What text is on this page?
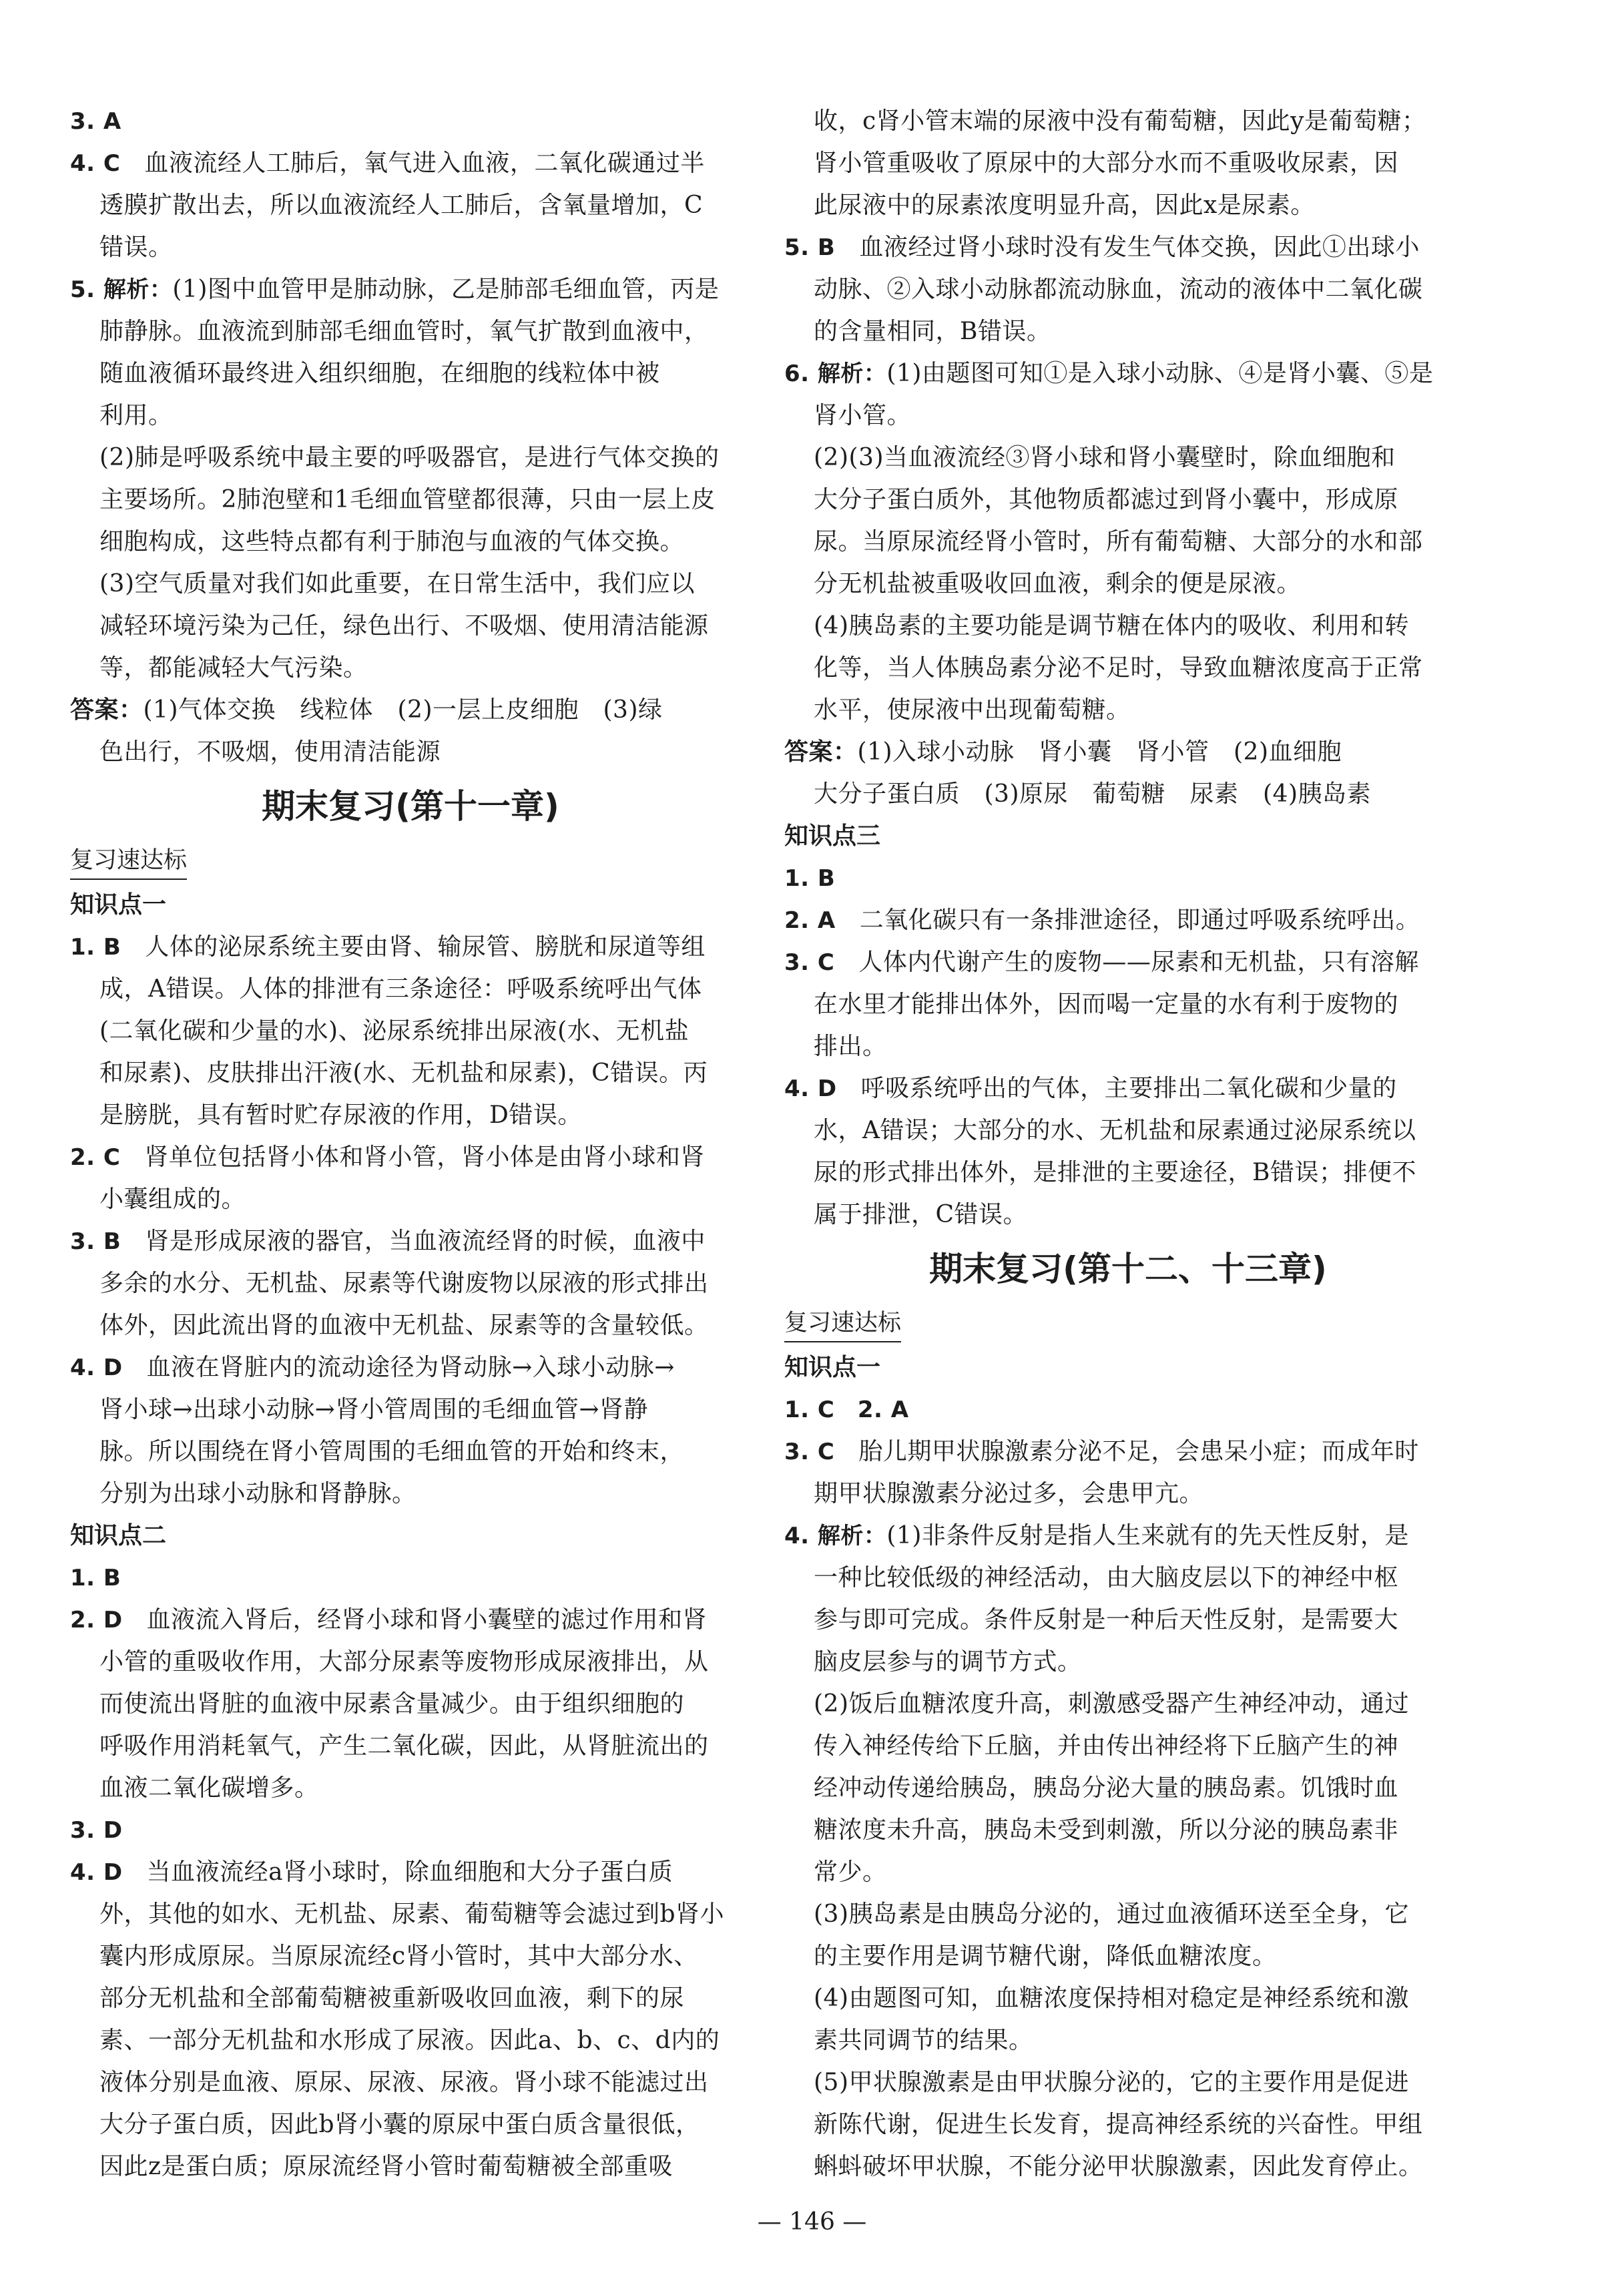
3. A
4. C 血液流经人工肺后，氧气进入血液，二氧化碳通过半
透膜扩散出去，所以血液流经人工肺后，含氧量增加，C
错误。
5. 解析：(1)图中血管甲是肺动脉，乙是肺部毛细血管，丙是
肺静脉。血液流到肺部毛细血管时，氧气扩散到血液中，
随血液循环最终进入组织细胞，在细胞的线粒体中被
利用。
(2)肺是呼吸系统中最主要的呼吸器官，是进行气体交换的
主要场所。2肺泡壁和1毛细血管壁都很薄，只由一层上皮
细胞构成，这些特点都有利于肺泡与血液的气体交换。
(3)空气质量对我们如此重要，在日常生活中，我们应以
减轻环境污染为己任，绿色出行、不吸烟、使用清洁能源
等，都能减轻大气污染。
答案：(1)气体交换　线粒体　(2)一层上皮细胞　(3)绿
色出行，不吸烟，使用清洁能源
期末复习(第十一章)
复习速达标
知识点一
1. B 人体的泌尿系统主要由肾、输尿管、膀胱和尿道等组
成，A错误。人体的排泄有三条途径：呼吸系统呼出气体
(二氧化碳和少量的水)、泌尿系统排出尿液(水、无机盐
和尿素)、皮肤排出汗液(水、无机盐和尿素)，C错误。丙
是膀胱，具有暂时贮存尿液的作用，D错误。
2. C 肾单位包括肾小体和肾小管，肾小体是由肾小球和肾
小囊组成的。
3. B 肾是形成尿液的器官，当血液流经肾的时候，血液中
多余的水分、无机盐、尿素等代谢废物以尿液的形式排出
体外，因此流出肾的血液中无机盐、尿素等的含量较低。
4. D 血液在肾脏内的流动途径为肾动脉→入球小动脉→
肾小球→出球小动脉→肾小管周围的毛细血管→肾静
脉。所以围绕在肾小管周围的毛细血管的开始和终末，
分别为出球小动脉和肾静脉。
知识点二
1. B
2. D 血液流入肾后，经肾小球和肾小囊壁的滤过作用和肾
小管的重吸收作用，大部分尿素等废物形成尿液排出，从
而使流出肾脏的血液中尿素含量减少。由于组织细胞的
呼吸作用消耗氧气，产生二氧化碳，因此，从肾脏流出的
血液二氧化碳增多。
3. D
4. D 当血液流经a肾小球时，除血细胞和大分子蛋白质
外，其他的如水、无机盐、尿素、葡萄糖等会滤过到b肾小
囊内形成原尿。当原尿流经c肾小管时，其中大部分水、
部分无机盐和全部葡萄糖被重新吸收回血液，剩下的尿
素、一部分无机盐和水形成了尿液。因此a、b、c、d内的
液体分别是血液、原尿、尿液、尿液。肾小球不能滤过出
大分子蛋白质，因此b肾小囊的原尿中蛋白质含量很低，
因此z是蛋白质；原尿流经肾小管时葡萄糖被全部重吸
收，c肾小管末端的尿液中没有葡萄糖，因此y是葡萄糖；
肾小管重吸收了原尿中的大部分水而不重吸收尿素，因
此尿液中的尿素浓度明显升高，因此x是尿素。
5. B 血液经过肾小球时没有发生气体交换，因此①出球小
动脉、②入球小动脉都流动脉血，流动的液体中二氧化碳
的含量相同，B错误。
6. 解析：(1)由题图可知①是入球小动脉、④是肾小囊、⑤是
肾小管。
(2)(3)当血液流经③肾小球和肾小囊壁时，除血细胞和
大分子蛋白质外，其他物质都滤过到肾小囊中，形成原
尿。当原尿流经肾小管时，所有葡萄糖、大部分的水和部
分无机盐被重吸收回血液，剩余的便是尿液。
(4)胰岛素的主要功能是调节糖在体内的吸收、利用和转
化等，当人体胰岛素分泌不足时，导致血糖浓度高于正常
水平，使尿液中出现葡萄糖。
答案：(1)入球小动脉　肾小囊　肾小管　(2)血细胞
大分子蛋白质　(3)原尿　葡萄糖　尿素　(4)胰岛素
知识点三
1. B
2. A 二氧化碳只有一条排泄途径，即通过呼吸系统呼出。
3. C 人体内代谢产生的废物——尿素和无机盐，只有溶解
在水里才能排出体外，因而喝一定量的水有利于废物的
排出。
4. D 呼吸系统呼出的气体，主要排出二氧化碳和少量的
水，A错误；大部分的水、无机盐和尿素通过泌尿系统以
尿的形式排出体外，是排泄的主要途径，B错误；排便不
属于排泄，C错误。
期末复习(第十二、十三章)
复习速达标
知识点一
1. C　2. A
3. C 胎儿期甲状腺激素分泌不足，会患呆小症；而成年时
期甲状腺激素分泌过多，会患甲亢。
4. 解析：(1)非条件反射是指人生来就有的先天性反射，是
一种比较低级的神经活动，由大脑皮层以下的神经中枢
参与即可完成。条件反射是一种后天性反射，是需要大
脑皮层参与的调节方式。
(2)饭后血糖浓度升高，刺激感受器产生神经冲动，通过
传入神经传给下丘脑，并由传出神经将下丘脑产生的神
经冲动传递给胰岛，胰岛分泌大量的胰岛素。饥饿时血
糖浓度未升高，胰岛未受到刺激，所以分泌的胰岛素非
常少。
(3)胰岛素是由胰岛分泌的，通过血液循环送至全身，它
的主要作用是调节糖代谢，降低血糖浓度。
(4)由题图可知，血糖浓度保持相对稳定是神经系统和激
素共同调节的结果。
(5)甲状腺激素是由甲状腺分泌的，它的主要作用是促进
新陈代谢，促进生长发育，提高神经系统的兴奋性。甲组
蝌蚪破坏甲状腺，不能分泌甲状腺激素，因此发育停止。
— 146 —
